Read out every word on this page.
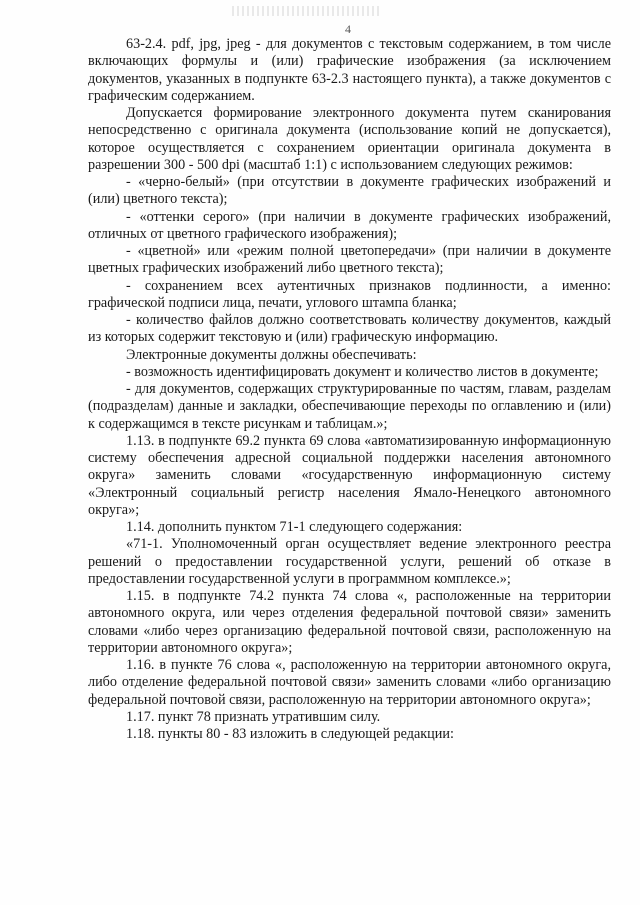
4

63-2.4. pdf, jpg, jpeg - для документов с текстовым содержанием, в том числе включающих формулы и (или) графические изображения (за исключением документов, указанных в подпункте 63-2.3 настоящего пункта), а также документов с графическим содержанием.

Допускается формирование электронного документа путем сканирования непосредственно с оригинала документа (использование копий не допускается), которое осуществляется с сохранением ориентации оригинала документа в разрешении 300 - 500 dpi (масштаб 1:1) с использованием следующих режимов:

- «черно-белый» (при отсутствии в документе графических изображений и (или) цветного текста);

- «оттенки серого» (при наличии в документе графических изображений, отличных от цветного графического изображения);

- «цветной» или «режим полной цветопередачи» (при наличии в документе цветных графических изображений либо цветного текста);

- сохранением всех аутентичных признаков подлинности, а именно: графической подписи лица, печати, углового штампа бланка;

- количество файлов должно соответствовать количеству документов, каждый из которых содержит текстовую и (или) графическую информацию.

Электронные документы должны обеспечивать:

- возможность идентифицировать документ и количество листов в документе;

- для документов, содержащих структурированные по частям, главам, разделам (подразделам) данные и закладки, обеспечивающие переходы по оглавлению и (или) к содержащимся в тексте рисункам и таблицам.»;

1.13. в подпункте 69.2 пункта 69 слова «автоматизированную информационную систему обеспечения адресной социальной поддержки населения автономного округа» заменить словами «государственную информационную систему «Электронный социальный регистр населения Ямало-Ненецкого автономного округа»;

1.14. дополнить пунктом 71-1 следующего содержания:

«71-1. Уполномоченный орган осуществляет ведение электронного реестра решений о предоставлении государственной услуги, решений об отказе в предоставлении государственной услуги в программном комплексе.»;

1.15. в подпункте 74.2 пункта 74 слова «, расположенные на территории автономного округа, или через отделения федеральной почтовой связи» заменить словами «либо через организацию федеральной почтовой связи, расположенную на территории автономного округа»;

1.16. в пункте 76 слова «, расположенную на территории автономного округа, либо отделение федеральной почтовой связи» заменить словами «либо организацию федеральной почтовой связи, расположенную на территории автономного округа»;

1.17. пункт 78 признать утратившим силу.

1.18. пункты 80 - 83 изложить в следующей редакции:
